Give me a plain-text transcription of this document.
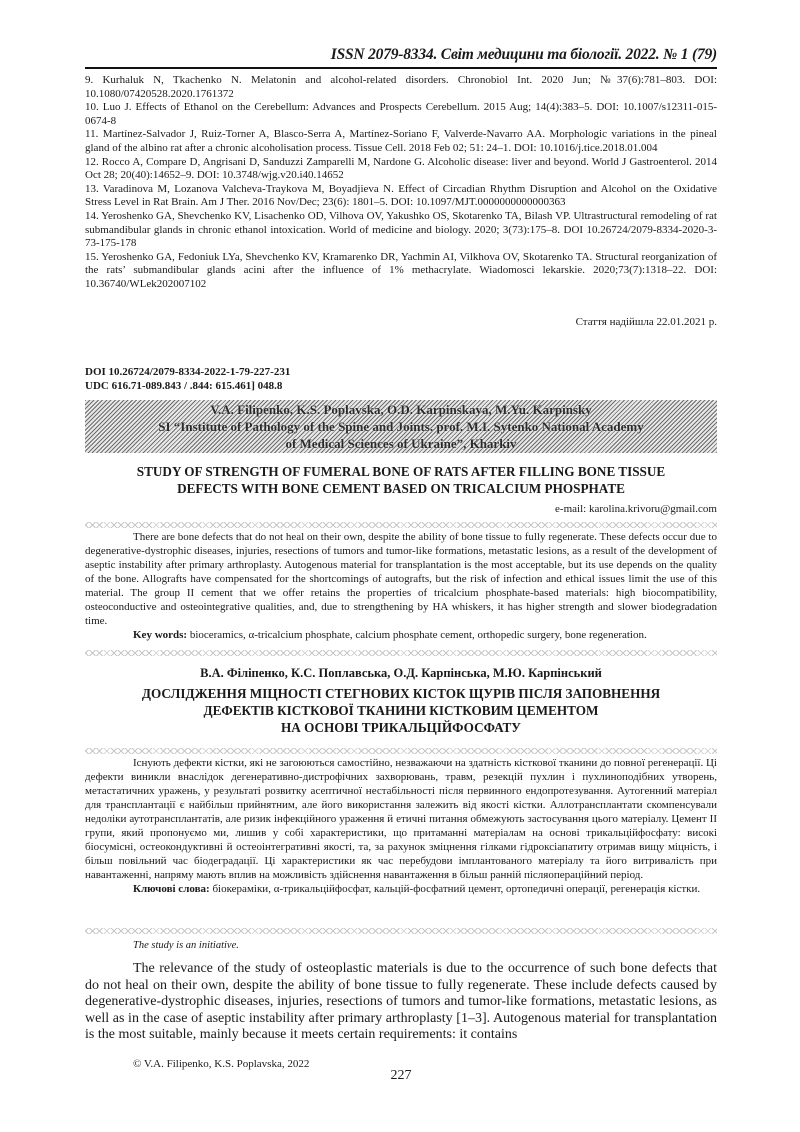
ISSN 2079-8334. Світ медицини та біології. 2022. № 1 (79)

9. Kurhaluk N, Tkachenko N. Melatonin and alcohol-related disorders. Chronobiol Int. 2020 Jun; №37(6):781–803. DOI: 10.1080/07420528.2020.1761372

10. Luo J. Effects of Ethanol on the Cerebellum: Advances and Prospects Cerebellum. 2015 Aug; 14(4):383–5. DOI: 10.1007/s12311-015-0674-8

11. Martínez-Salvador J, Ruiz-Torner A, Blasco-Serra A, Martínez-Soriano F, Valverde-Navarro AA. Morphologic variations in the pineal gland of the albino rat after a chronic alcoholisation process. Tissue Cell. 2018 Feb 02; 51: 24–1. DOI: 10.1016/j.tice.2018.01.004

12. Rocco A, Compare D, Angrisani D, Sanduzzi Zamparelli M, Nardone G. Alcoholic disease: liver and beyond. World J Gastroenterol. 2014 Oct 28; 20(40):14652–9. DOI: 10.3748/wjg.v20.i40.14652

13. Varadinova M, Lozanova Valcheva-Traykova M, Boyadjieva N. Effect of Circadian Rhythm Disruption and Alcohol on the Oxidative Stress Level in Rat Brain. Am J Ther. 2016 Nov/Dec; 23(6): 1801–5. DOI: 10.1097/MJT.0000000000000363

14. Yeroshenko GA, Shevchenko KV, Lisachenko OD, Vilhova OV, Yakushko OS, Skotarenko TA, Bilash VP. Ultrastructural remodeling of rat submandibular glands in chronic ethanol intoxication. World of medicine and biology. 2020; 3(73):175–8. DOI 10.26724/2079-8334-2020-3-73-175-178

15. Yeroshenko GA, Fedoniuk LYa, Shevchenko KV, Kramarenko DR, Yachmin AI, Vilkhova OV, Skotarenko TA. Structural reorganization of the rats’ submandibular glands acini after the influence of 1% methacrylate. Wiadomosci lekarskie. 2020;73(7):1318–22. DOI: 10.36740/WLek202007102

Стаття надійшла 22.01.2021 р.
DOI 10.26724/2079-8334-2022-1-79-227-231
UDC 616.71-089.843 / .844: 615.461] 048.8
V.A. Filipenko, K.S. Poplavska, O.D. Karpinskaya, M.Yu. Karpinsky
SI “Institute of Pathology of the Spine and Joints. prof. M.I. Sytenko National Academy
of Medical Sciences of Ukraine”, Kharkiv
STUDY OF STRENGTH OF FUMERAL BONE OF RATS AFTER FILLING BONE TISSUE
DEFECTS WITH BONE CEMENT BASED ON TRICALCIUM PHOSPHATE
e-mail: karolina.krivoru@gmail.com

There are bone defects that do not heal on their own, despite the ability of bone tissue to fully regenerate. These defects occur due to degenerative-dystrophic diseases, injuries, resections of tumors and tumor-like formations, metastatic lesions, as a result of the development of aseptic instability after primary arthroplasty. Autogenous material for transplantation is the most acceptable, but its use depends on the quality of the bone. Allografts have compensated for the shortcomings of autografts, but the risk of infection and ethical issues limit the use of this material. The group II cement that we offer retains the properties of tricalcium phosphate-based materials: high biocompatibility, osteoconductive and osteointegrative qualities, and, due to strengthening by HA whiskers, it has higher strength and slower biodegradation time.

Key words: bioceramics, α-tricalcium phosphate, calcium phosphate cement, orthopedic surgery, bone regeneration.

В.А. Філіпенко, К.С. Поплавська, О.Д. Карпінська, М.Ю. Карпінський
ДОСЛІДЖЕННЯ МІЦНОСТІ СТЕГНОВИХ КІСТОК ЩУРІВ ПІСЛЯ ЗАПОВНЕННЯ
ДЕФЕКТІВ КІСТКОВОЇ ТКАНИНИ КІСТКОВИМ ЦЕМЕНТОМ
НА ОСНОВІ ТРИКАЛЬЦІЙФОСФАТУ

Існують дефекти кістки, які не загоюються самостійно, незважаючи на здатність кісткової тканини до повної регенерації. Ці дефекти виникли внаслідок дегенеративно-дистрофічних захворювань, травм, резекцій пухлин і пухлиноподібних утворень, метастатичних уражень, у результаті розвитку асептичної нестабільності після первинного ендопротезування. Аутогенний матеріал для трансплантації є найбільш прийнятним, але його використання залежить від якості кістки. Аллотрансплантати скомпенсували недоліки аутотрансплантатів, але ризик інфекційного ураження й етичні питання обмежують застосування цього матеріалу. Цемент II групи, який пропонуємо ми, лишив у собі характеристики, що притаманні матеріалам на основі трикальційфосфату: високі біосумісні, остеокондуктивні й остеоінтегративні якості, та, за рахунок зміцнення гілками гідроксіапатиту отримав вищу міцність, і більш повільний час біодеградації. Ці характеристики як час перебудови імплантованого матеріалу та його витривалість при навантаженні, напряму мають вплив на можливість здійснення навантаження в більш ранній післяопераційний період.

Ключові слова: біокераміки, α-трикальційфосфат, кальцій-фосфатний цемент, ортопедичні операції, регенерація кістки.

The study is an initiative.

The relevance of the study of osteoplastic materials is due to the occurrence of such bone defects that do not heal on their own, despite the ability of bone tissue to fully regenerate. These include defects caused by degenerative-dystrophic diseases, injuries, resections of tumors and tumor-like formations, metastatic lesions, as well as in the case of aseptic instability after primary arthroplasty [1–3]. Autogenous material for transplantation is the most suitable, mainly because it meets certain requirements: it contains

© V.A. Filipenko, K.S. Poplavska, 2022
227
